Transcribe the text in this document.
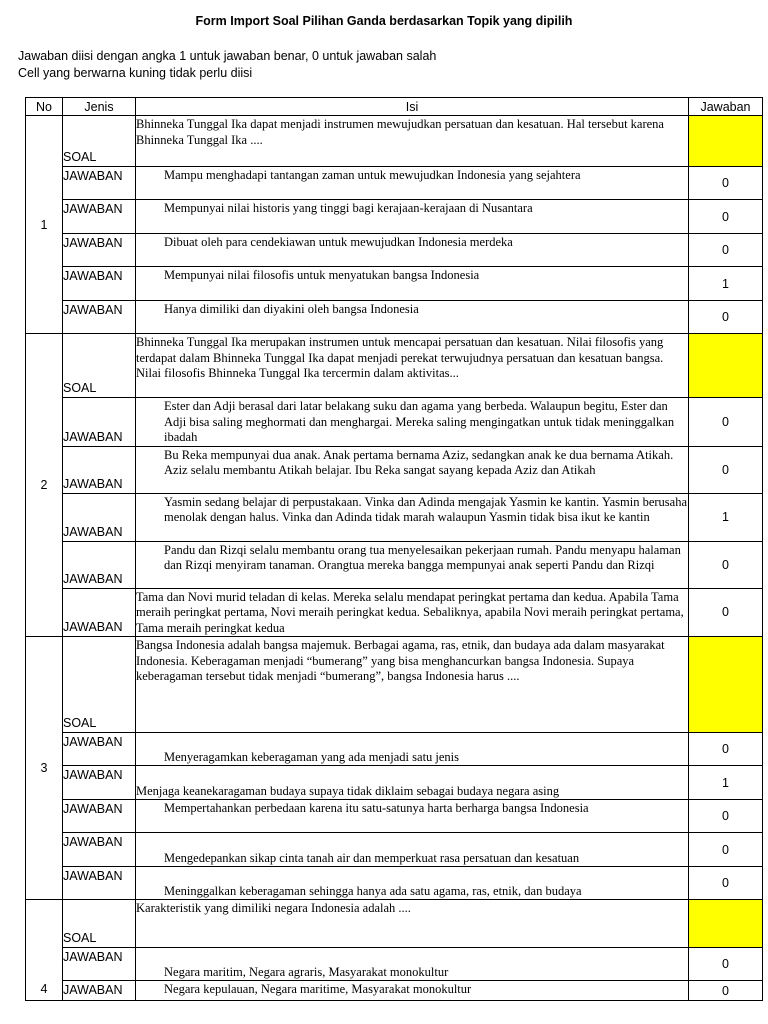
Form Import Soal Pilihan Ganda berdasarkan Topik yang dipilih
Jawaban diisi dengan angka 1 untuk jawaban benar, 0 untuk jawaban salah
Cell yang berwarna kuning tidak perlu diisi
No	Jenis	Isi	Jawaban
1	SOAL	Bhinneka Tunggal Ika dapat menjadi instrumen mewujudkan persatuan dan kesatuan. Hal tersebut karena Bhinneka Tunggal Ika ....	
	JAWABAN	Mampu menghadapi tantangan zaman untuk mewujudkan Indonesia yang sejahtera	0
	JAWABAN	Mempunyai nilai historis yang tinggi bagi kerajaan-kerajaan di Nusantara	0
	JAWABAN	Dibuat oleh para cendekiawan untuk mewujudkan Indonesia merdeka	0
	JAWABAN	Mempunyai nilai filosofis untuk menyatukan bangsa Indonesia	1
	JAWABAN	Hanya dimiliki dan diyakini oleh bangsa Indonesia	0
2	SOAL	Bhinneka Tunggal Ika merupakan instrumen untuk mencapai persatuan dan kesatuan. Nilai filosofis yang terdapat dalam Bhinneka Tunggal Ika dapat menjadi perekat terwujudnya persatuan dan kesatuan bangsa. Nilai filosofis Bhinneka Tunggal Ika tercermin dalam aktivitas...	
	JAWABAN	Ester dan Adji berasal dari latar belakang suku dan agama yang berbeda. Walaupun begitu, Ester dan Adji bisa saling meghormati dan menghargai. Mereka saling mengingatkan untuk tidak meninggalkan ibadah	0
	JAWABAN	Bu Reka mempunyai dua anak. Anak pertama bernama Aziz, sedangkan anak ke dua bernama Atikah. Aziz selalu membantu Atikah belajar. Ibu Reka sangat sayang kepada Aziz dan Atikah	0
	JAWABAN	Yasmin sedang belajar di perpustakaan. Vinka dan Adinda mengajak Yasmin ke kantin. Yasmin berusaha menolak dengan halus. Vinka dan Adinda tidak marah walaupun Yasmin tidak bisa ikut ke kantin	1
	JAWABAN	Pandu dan Rizqi selalu membantu orang tua menyelesaikan pekerjaan rumah. Pandu menyapu halaman dan Rizqi menyiram tanaman. Orangtua mereka bangga mempunyai anak seperti Pandu dan Rizqi	0
	JAWABAN	Tama dan Novi murid teladan di kelas. Mereka selalu mendapat peringkat pertama dan kedua. Apabila Tama meraih peringkat pertama, Novi meraih peringkat kedua. Sebaliknya, apabila Novi meraih peringkat pertama, Tama meraih peringkat kedua	0
3	SOAL	Bangsa Indonesia adalah bangsa majemuk. Berbagai agama, ras, etnik, dan budaya ada dalam masyarakat Indonesia. Keberagaman menjadi “bumerang” yang bisa menghancurkan bangsa Indonesia. Supaya keberagaman tersebut tidak menjadi “bumerang”, bangsa Indonesia harus ....	
	JAWABAN	Menyeragamkan keberagaman yang ada menjadi satu jenis	0
	JAWABAN	Menjaga keanekaragaman budaya supaya tidak diklaim sebagai budaya negara asing	1
	JAWABAN	Mempertahankan perbedaan karena itu satu-satunya harta berharga bangsa Indonesia	0
	JAWABAN	Mengedepankan sikap cinta tanah air dan memperkuat rasa persatuan dan kesatuan	0
	JAWABAN	Meninggalkan keberagaman sehingga hanya ada satu agama, ras, etnik, dan budaya	0
4	SOAL	Karakteristik yang dimiliki negara Indonesia adalah ....	
	JAWABAN	Negara maritim, Negara agraris, Masyarakat monokultur	0
	JAWABAN	Negara kepulauan, Negara maritime, Masyarakat monokultur	0
